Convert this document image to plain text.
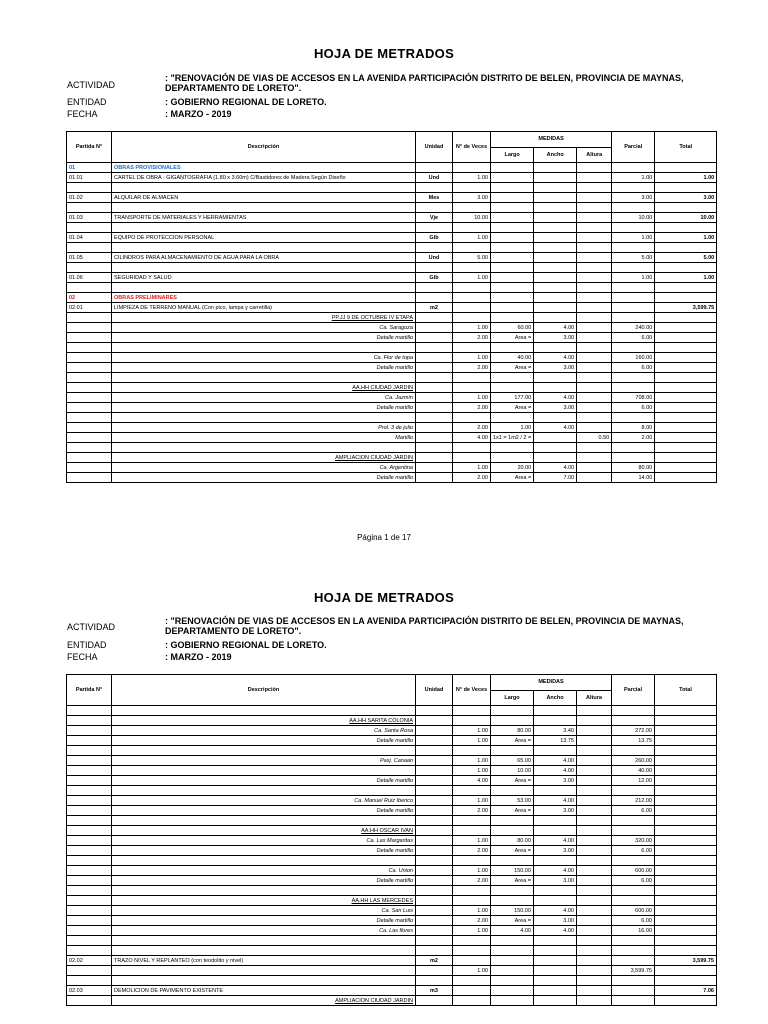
HOJA DE METRADOS
ACTIVIDAD
: "RENOVACIÓN DE VIAS DE ACCESOS EN LA AVENIDA PARTICIPACIÓN DISTRITO DE BELEN, PROVINCIA DE MAYNAS, DEPARTAMENTO DE LORETO".
ENTIDAD	: GOBIERNO REGIONAL DE LORETO.
FECHA	: MARZO - 2019
Partida N°	Descripción	Unidad	N° de Veces	MEDIDAS			Parcial	Total
				Largo	Ancho	Altura		
01	OBRAS PROVISIONALES							
01.01	CARTEL DE OBRA - GIGANTOGRAFIA (1.80 x 3.60m) C/Bastidores de Madera Según Diseño	Und	1.00				1.00	1.00

01.02	ALQUILAR DE ALMACEN	Mes	3.00				3.00	3.00

01.03	TRANSPORTE DE MATERIALES Y HERRAMIENTAS	Vje	10.00				10.00	10.00

01.04	EQUIPO DE PROTECCION PERSONAL	Glb	1.00				1.00	1.00

01.05	CILINDROS PARA ALMACENAMIENTO DE AGUA PARA LA OBRA	Und	5.00				5.00	5.00

01.06	SEGURIDAD Y SALUD	Glb	1.00				1.00	1.00

02	OBRAS PRELIMINARES							
02.01	LIMPIEZA DE TERRENO MANUAL (Con pico, lampa y carretilla)	m2						3,599.75
	PP.JJ 9 DE OCTUBRE IV ETAPA							
	Ca. Saragoza		1.00	60.00	4.00		240.00	
	Detalle martillo		2.00	Area =	3.00		6.00	

	Ca. Flor de topa		1.00	40.00	4.00		160.00	
	Detalle martillo		2.00	Area =	3.00		6.00	

	AA.HH CIUDAD JARDIN							
	Ca. Jazmín		1.00	177.00	4.00		708.00	
	Detalle martillo		2.00	Area =	3.00		6.00	

	Prol. 3 de julio		2.00	1.00	4.00		8.00	
	Martillo		4.00	1x1 = 1m2 / 2 =		0.50	2.00	

	AMPLIACION CIUDAD JARDIN							
	Ca. Argentina		1.00	20.00	4.00		80.00	
	Detalle martillo		2.00	Area =	7.00		14.00	
Página 1 de 17
HOJA DE METRADOS
ACTIVIDAD
: "RENOVACIÓN DE VIAS DE ACCESOS EN LA AVENIDA PARTICIPACIÓN DISTRITO DE BELEN, PROVINCIA DE MAYNAS, DEPARTAMENTO DE LORETO".
ENTIDAD	: GOBIERNO REGIONAL DE LORETO.
FECHA	: MARZO - 2019
Partida N°	Descripción	Unidad	N° de Veces	MEDIDAS			Parcial	Total
				Largo	Ancho	Altura		

	AA.HH SARITA COLONIA							
	Ca. Santa Rosa		1.00	80.00	3.40		272.00	
	Detalle martillo		1.00	Area =	13.75		13.75	

	Pasj. Canaan		1.00	65.00	4.00		260.00	
			1.00	10.00	4.00		40.00	
	Detalle martillo		4.00	Area =	3.00		12.00	

	Ca. Manuel Ruiz Iberico		1.00	53.00	4.00		212.00	
	Detalle martillo		2.00	Area =	3.00		6.00	

	AA.HH OSCAR IVAN							
	Ca. Las Margaritas		1.00	80.00	4.00		320.00	
	Detalle martillo		2.00	Area =	3.00		6.00	

	Ca. Union		1.00	150.00	4.00		600.00	
	Detalle martillo		2.00	Area =	3.00		6.00	

	AA.HH LAS MERCEDES							
	Ca. San Luis		1.00	150.00	4.00		600.00	
	Detalle martillo		2.00	Area =	3.00		6.00	
	Ca. Las flores		1.00	4.00	4.00		16.00	

02.02	TRAZO NIVEL Y REPLANTEO (con teodolito y nivel)	m2						3,599.75
			1.00				3,599.75	

02.03	DEMOLICION DE PAVIMENTO EXISTENTE	m3						7.06
	AMPLIACION CIUDAD JARDIN							
